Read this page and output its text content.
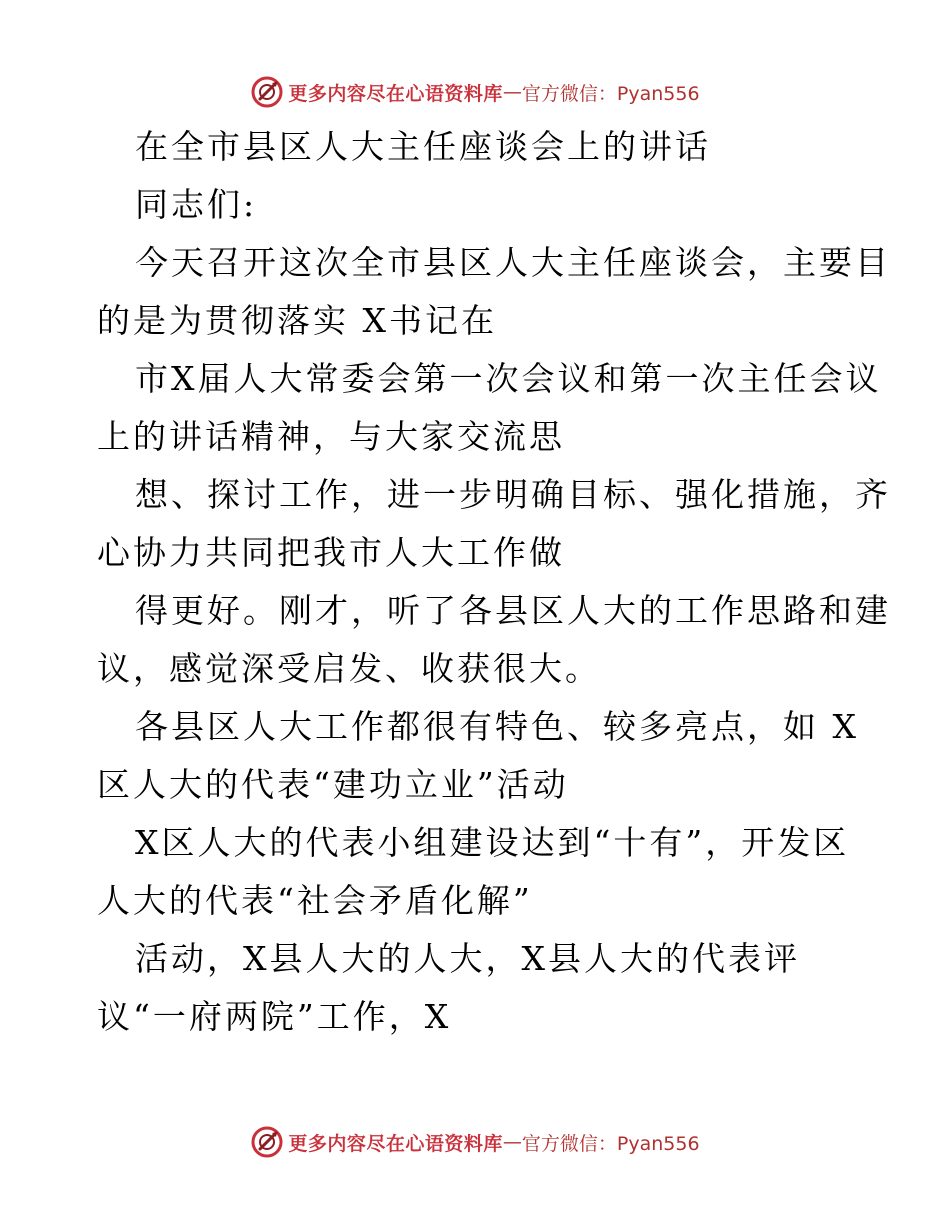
更多内容尽在心语资料库 — 官方微信：Pyan556
在全市县区人大主任座谈会上的讲话
同志们:
今天召开这次全市县区人大主任座谈会，主要目
的是为贯彻落实 X书记在
市X届人大常委会第一次会议和第一次主任会议
上的讲话精神，与大家交流思
想、探讨工作，进一步明确目标、强化措施，齐
心协力共同把我市人大工作做
得更好。刚才，听了各县区人大的工作思路和建
议，感觉深受启发、收获很大。
各县区人大工作都很有特色、较多亮点，如 X
区人大的代表“建功立业”活动
X区人大的代表小组建设达到“十有”，开发区
人大的代表“社会矛盾化解”
活动，X县人大的人大，X县人大的代表评
议“一府两院”工作，X
更多内容尽在心语资料库 — 官方微信：Pyan556
